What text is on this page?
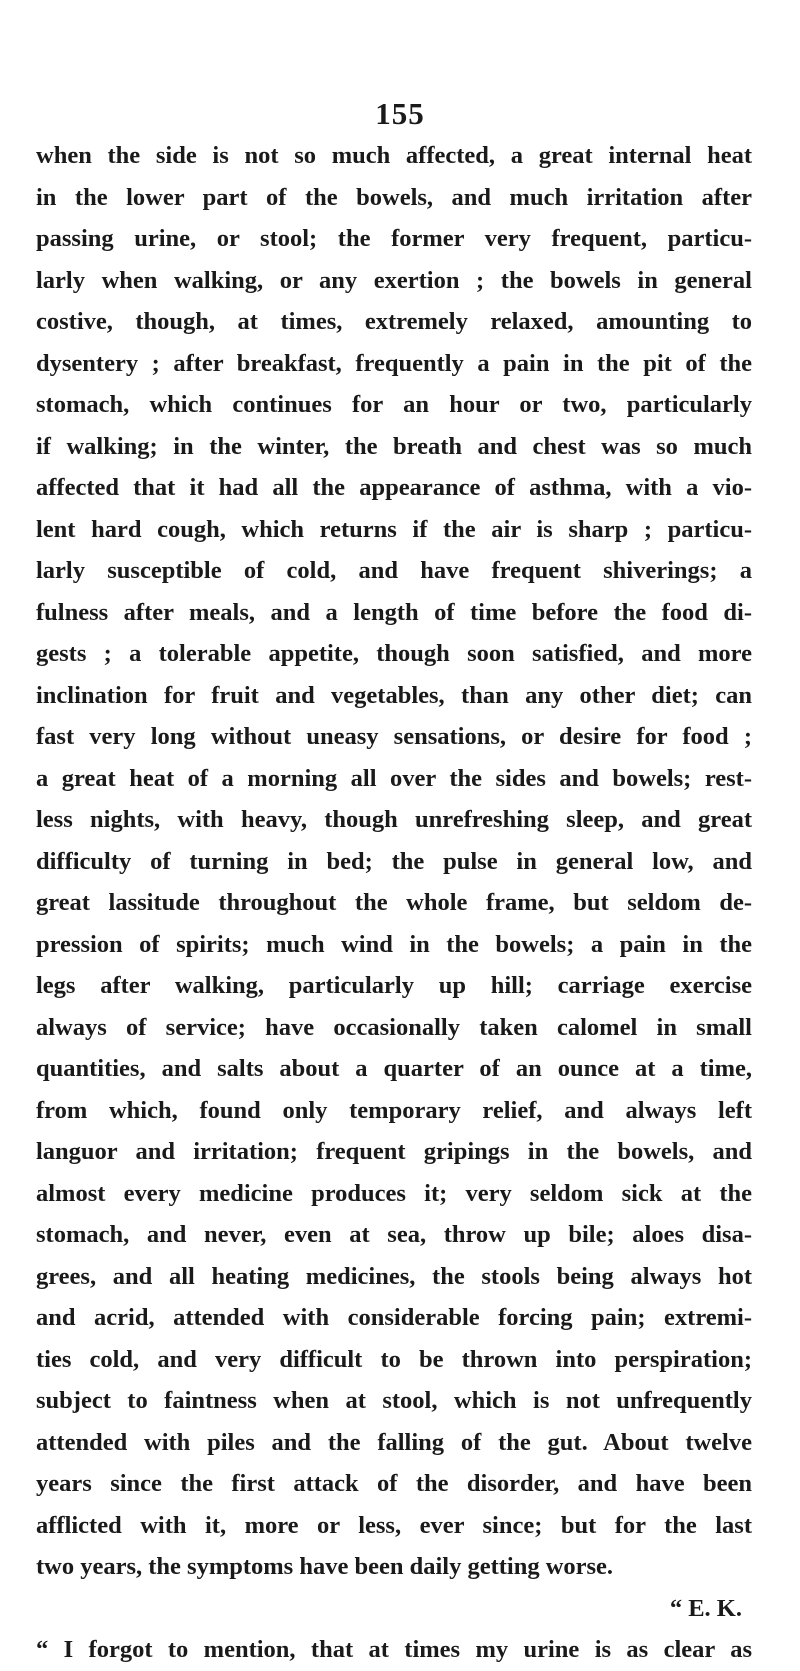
155
when the side is not so much affected, a great internal heat
in the lower part of the bowels, and much irritation after
passing urine, or stool; the former very frequent, particu-
larly when walking, or any exertion ; the bowels in general
costive, though, at times, extremely relaxed, amounting to
dysentery ; after breakfast, frequently a pain in the pit of the
stomach, which continues for an hour or two, particularly
if walking; in the winter, the breath and chest was so much
affected that it had all the appearance of asthma, with a vio-
lent hard cough, which returns if the air is sharp ; particu-
larly susceptible of cold, and have frequent shiverings; a
fulness after meals, and a length of time before the food di-
gests ; a tolerable appetite, though soon satisfied, and more
inclination for fruit and vegetables, than any other diet; can
fast very long without uneasy sensations, or desire for food ;
a great heat of a morning all over the sides and bowels; rest-
less nights, with heavy, though unrefreshing sleep, and great
difficulty of turning in bed; the pulse in general low, and
great lassitude throughout the whole frame, but seldom de-
pression of spirits; much wind in the bowels; a pain in the
legs after walking, particularly up hill; carriage exercise
always of service; have occasionally taken calomel in small
quantities, and salts about a quarter of an ounce at a time,
from which, found only temporary relief, and always left
languor and irritation; frequent gripings in the bowels, and
almost every medicine produces it; very seldom sick at the
stomach, and never, even at sea, throw up bile; aloes disa-
grees, and all heating medicines, the stools being always hot
and acrid, attended with considerable forcing pain; extremi-
ties cold, and very difficult to be thrown into perspiration;
subject to faintness when at stool, which is not unfrequently
attended with piles and the falling of the gut. About twelve
years since the first attack of the disorder, and have been
afflicted with it, more or less, ever since; but for the last
two years, the symptoms have been daily getting worse.
“ E. K.
“ I forgot to mention, that at times my urine is as clear as
